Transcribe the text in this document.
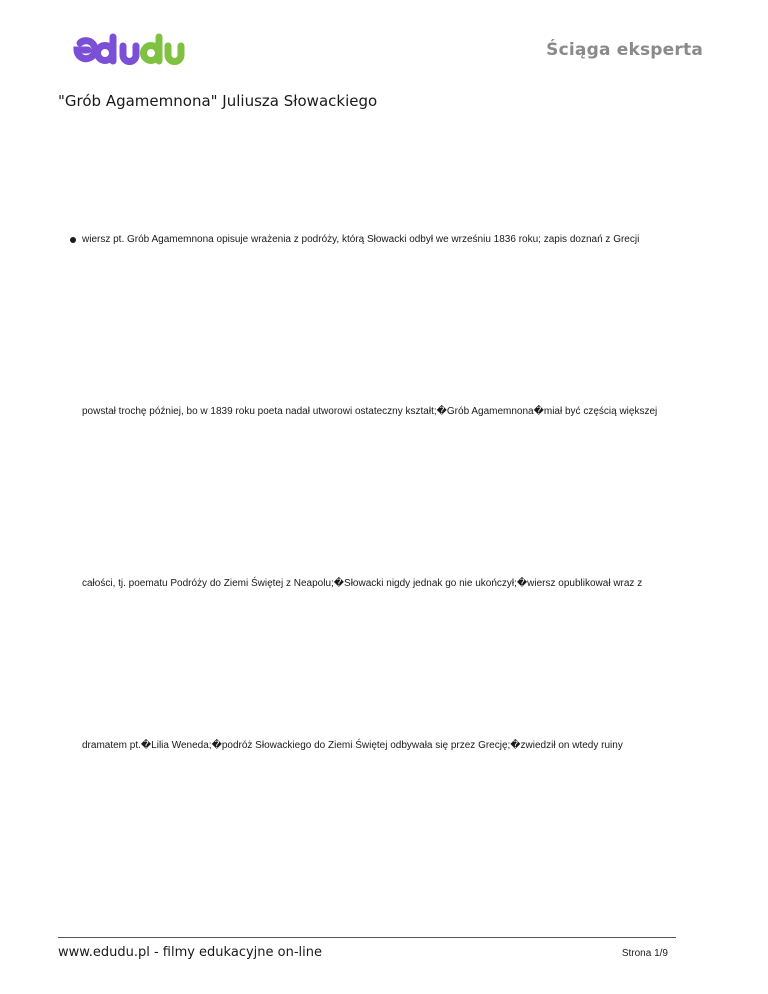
Ściąga eksperta
"Grób Agamemnona" Juliusza Słowackiego
wiersz pt. Grób Agamemnona opisuje wrażenia z podróży, którą Słowacki odbył we wrześniu 1836 roku; zapis doznań z Grecji
powstał trochę później, bo w 1839 roku poeta nadał utworowi ostateczny kształt;�Grób Agamemnona�miał być częścią większej
całości, tj. poematu Podróży do Ziemi Świętej z Neapolu;�Słowacki nigdy jednak go nie ukończył;�wiersz opublikował wraz z
dramatem pt.�Lilia Weneda;�podróż Słowackiego do Ziemi Świętej odbywała się przez Grecję;�zwiedził on wtedy ruiny
www.edudu.pl - filmy edukacyjne on-line	Strona 1/9
